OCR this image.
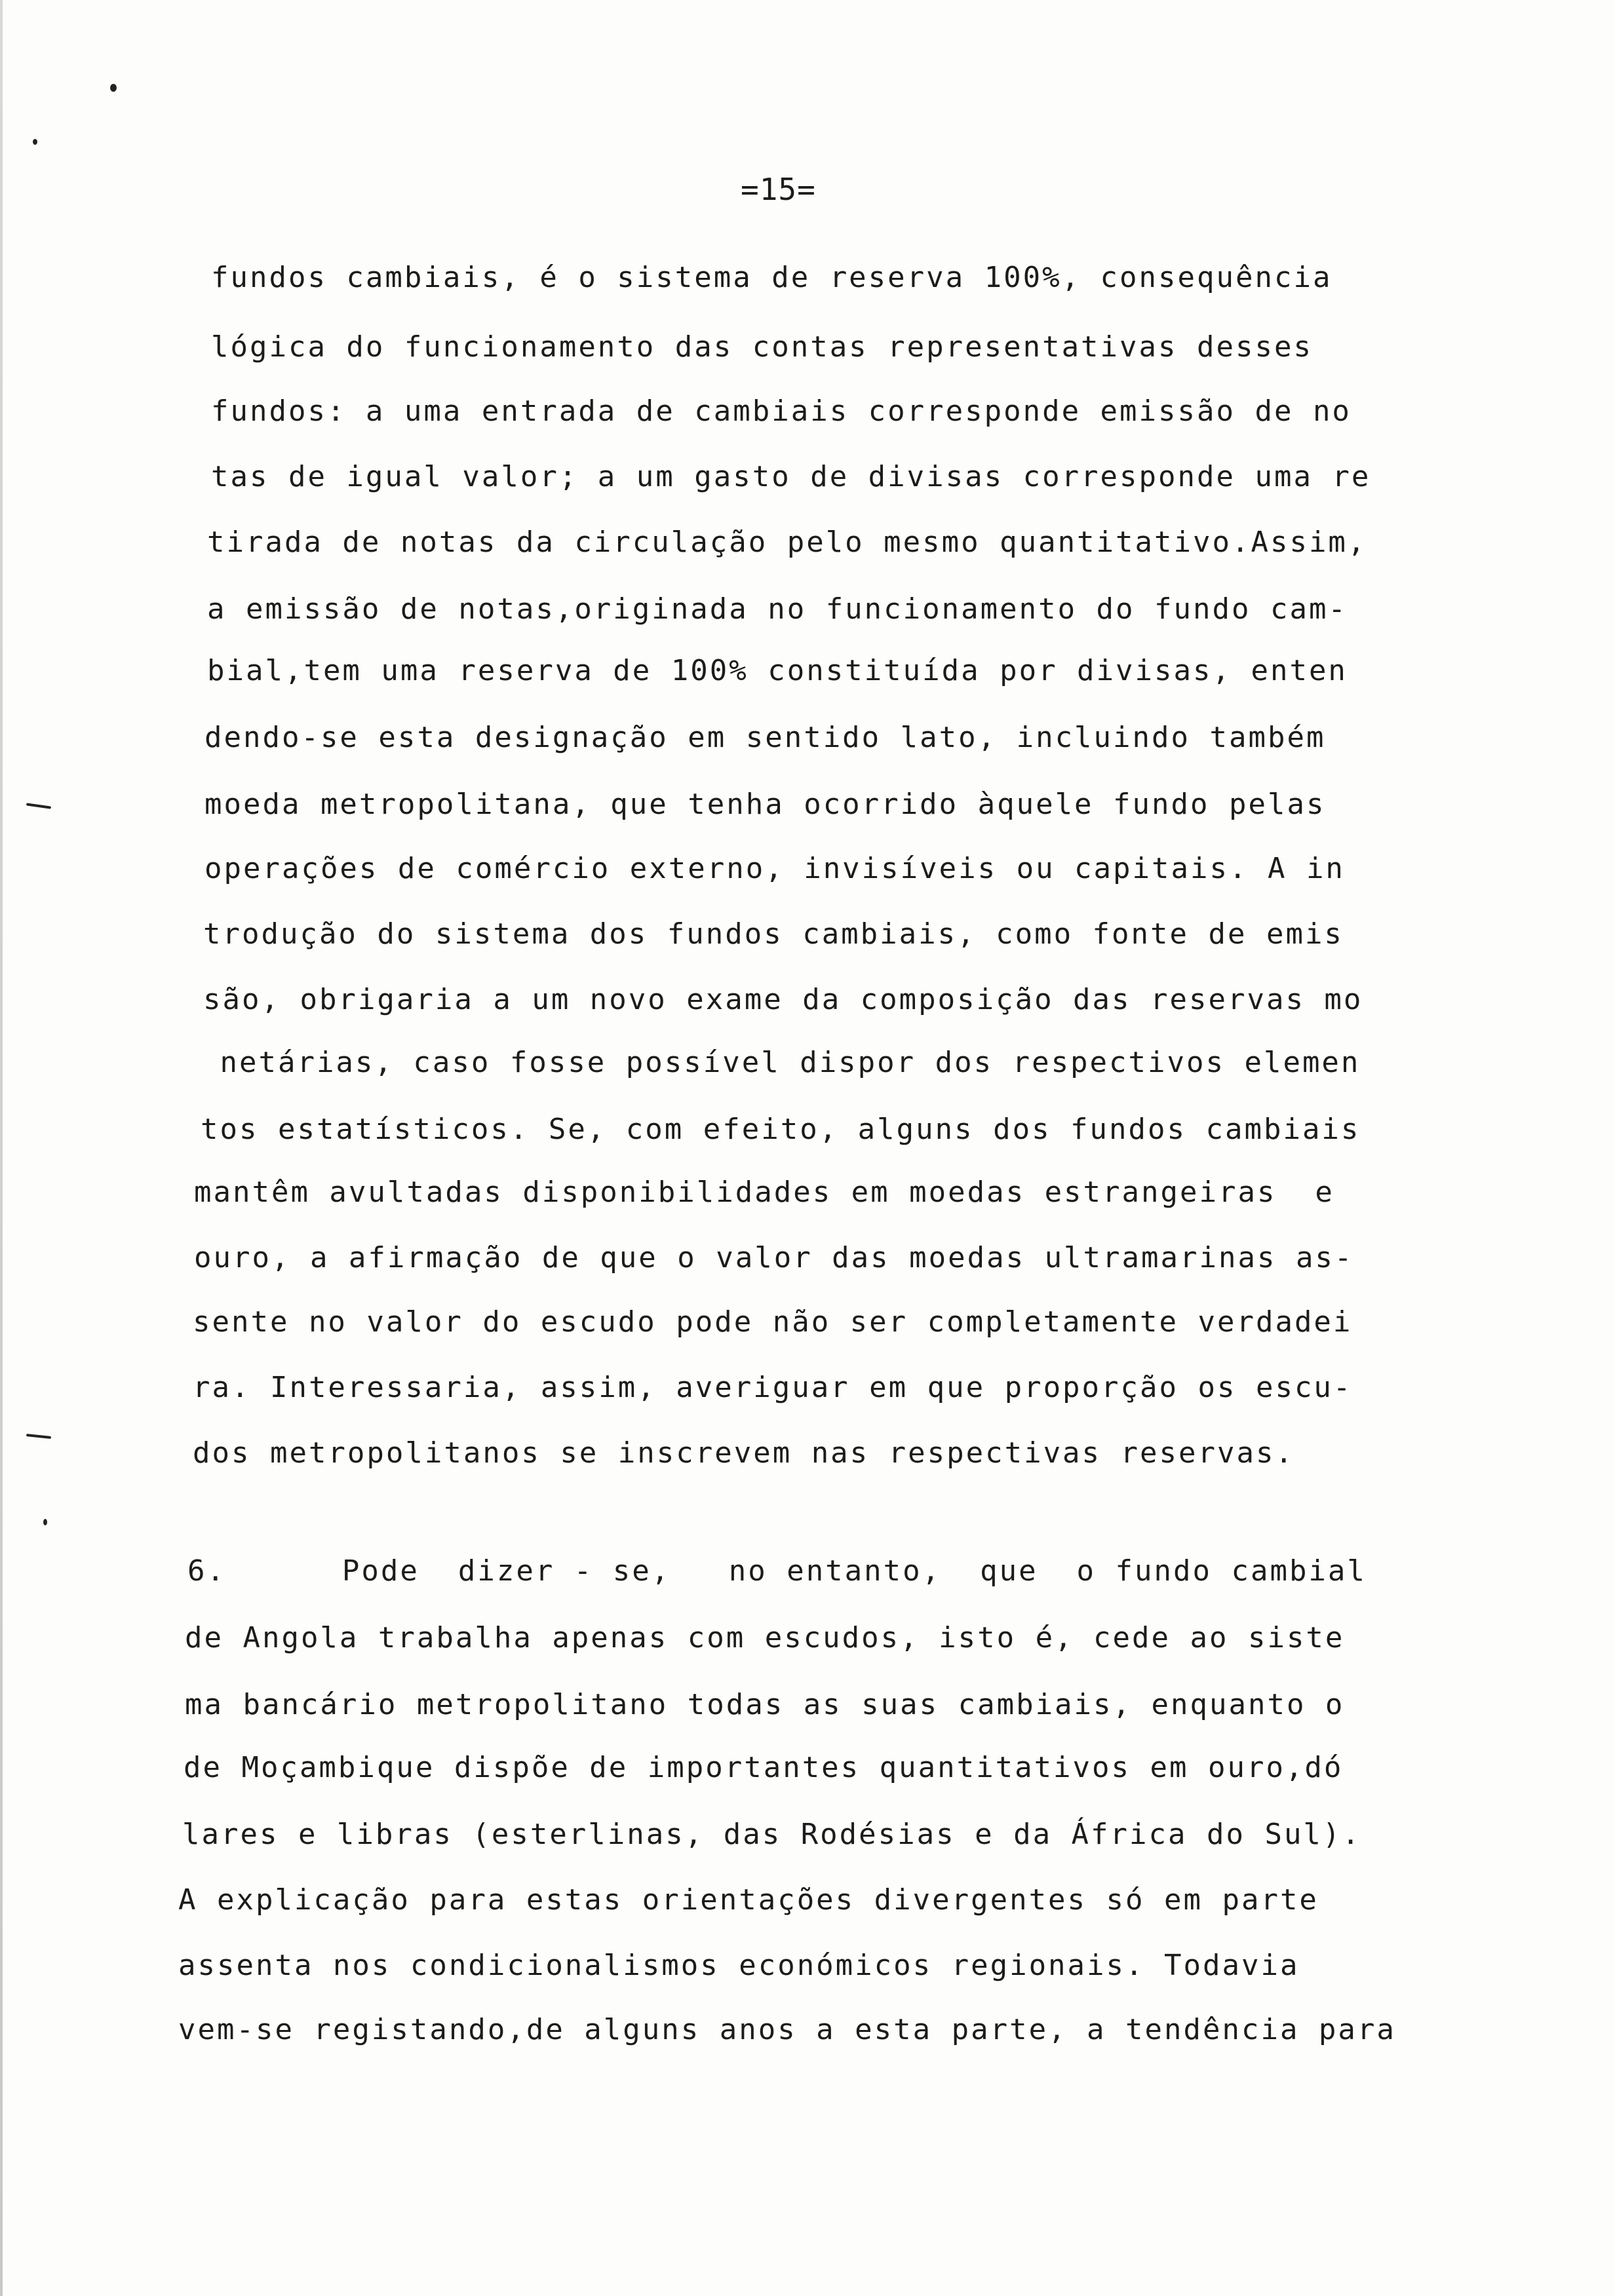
=15=
fundos cambiais, é o sistema de reserva 100%, consequência
lógica do funcionamento das contas representativas desses
fundos: a uma entrada de cambiais corresponde emissão de no
tas de igual valor; a um gasto de divisas corresponde uma re
tirada de notas da circulação pelo mesmo quantitativo.Assim,
a emissão de notas,originada no funcionamento do fundo cam-
bial,tem uma reserva de 100% constituída por divisas, enten
dendo-se esta designação em sentido lato, incluindo também
moeda metropolitana, que tenha ocorrido àquele fundo pelas
operações de comércio externo, invisíveis ou capitais. A in
trodução do sistema dos fundos cambiais, como fonte de emis
são, obrigaria a um novo exame da composição das reservas mo
netárias, caso fosse possível dispor dos respectivos elemen
tos estatísticos. Se, com efeito, alguns dos fundos cambiais
mantêm avultadas disponibilidades em moedas estrangeiras  e
ouro, a afirmação de que o valor das moedas ultramarinas as-
sente no valor do escudo pode não ser completamente verdadei
ra. Interessaria, assim, averiguar em que proporção os escu-
dos metropolitanos se inscrevem nas respectivas reservas.
6.      Pode  dizer - se,   no entanto,  que  o fundo cambial
de Angola trabalha apenas com escudos, isto é, cede ao siste
ma bancário metropolitano todas as suas cambiais, enquanto o
de Moçambique dispõe de importantes quantitativos em ouro,dó
lares e libras (esterlinas, das Rodésias e da África do Sul).
A explicação para estas orientações divergentes só em parte
assenta nos condicionalismos económicos regionais. Todavia
vem-se registando,de alguns anos a esta parte, a tendência para
